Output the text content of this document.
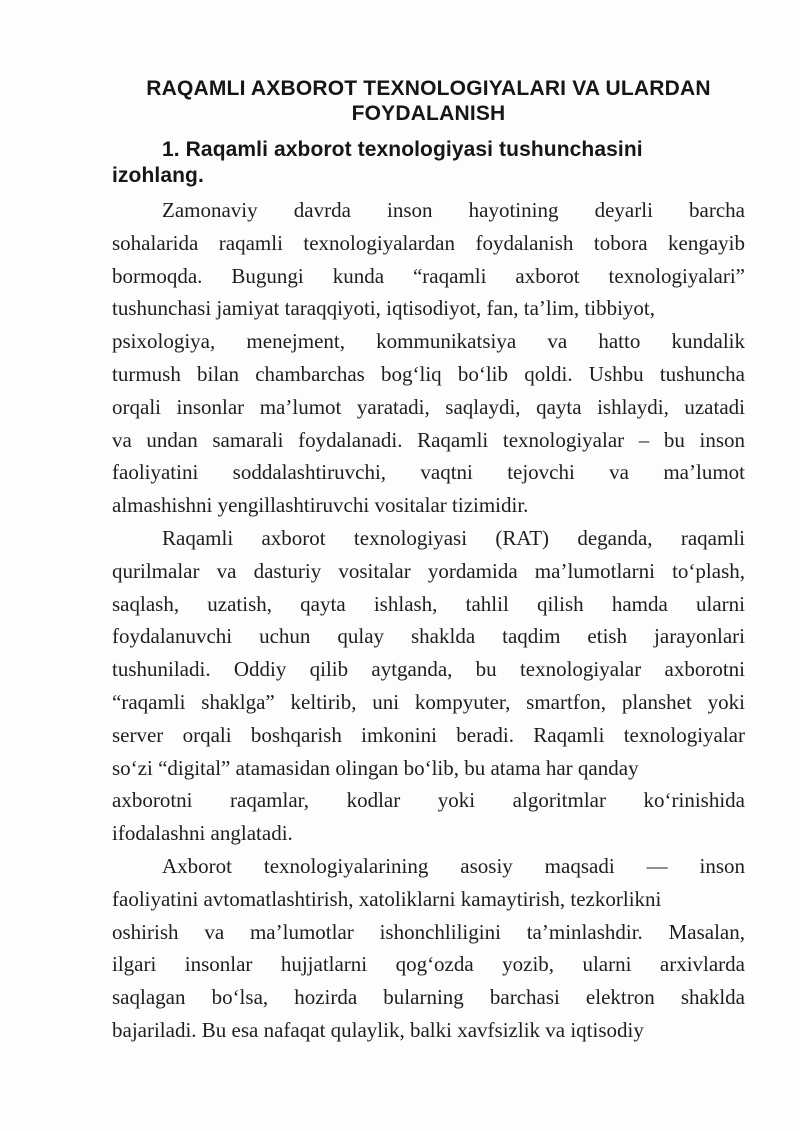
RAQAMLI AXBOROT TEXNOLOGIYALARI VA ULARDAN
FOYDALANISH
1. Raqamli axborot texnologiyasi tushunchasini
izohlang.
Zamonaviy davrda inson hayotining deyarli barcha
sohalarida raqamli texnologiyalardan foydalanish tobora kengayib
bormoqda. Bugungi kunda “raqamli axborot texnologiyalari”
tushunchasi jamiyat taraqqiyoti, iqtisodiyot, fan, ta’lim, tibbiyot,
psixologiya, menejment, kommunikatsiya va hatto kundalik
turmush bilan chambarchas bog‘liq bo‘lib qoldi. Ushbu tushuncha
orqali insonlar ma’lumot yaratadi, saqlaydi, qayta ishlaydi, uzatadi
va undan samarali foydalanadi. Raqamli texnologiyalar – bu inson
faoliyatini soddalashtiruvchi, vaqtni tejovchi va ma’lumot
almashishni yengillashtiruvchi vositalar tizimidir.
Raqamli axborot texnologiyasi (RAT) deganda, raqamli
qurilmalar va dasturiy vositalar yordamida ma’lumotlarni to‘plash,
saqlash, uzatish, qayta ishlash, tahlil qilish hamda ularni
foydalanuvchi uchun qulay shaklda taqdim etish jarayonlari
tushuniladi. Oddiy qilib aytganda, bu texnologiyalar axborotni
“raqamli shaklga” keltirib, uni kompyuter, smartfon, planshet yoki
server orqali boshqarish imkonini beradi. Raqamli texnologiyalar
so‘zi “digital” atamasidan olingan bo‘lib, bu atama har qanday
axborotni raqamlar, kodlar yoki algoritmlar ko‘rinishida
ifodalashni anglatadi.
Axborot texnologiyalarining asosiy maqsadi — inson
faoliyatini avtomatlashtirish, xatoliklarni kamaytirish, tezkorlikni
oshirish va ma’lumotlar ishonchliligini ta’minlashdir. Masalan,
ilgari insonlar hujjatlarni qog‘ozda yozib, ularni arxivlarda
saqlagan bo‘lsa, hozirda bularning barchasi elektron shaklda
bajariladi. Bu esa nafaqat qulaylik, balki xavfsizlik va iqtisodiy
